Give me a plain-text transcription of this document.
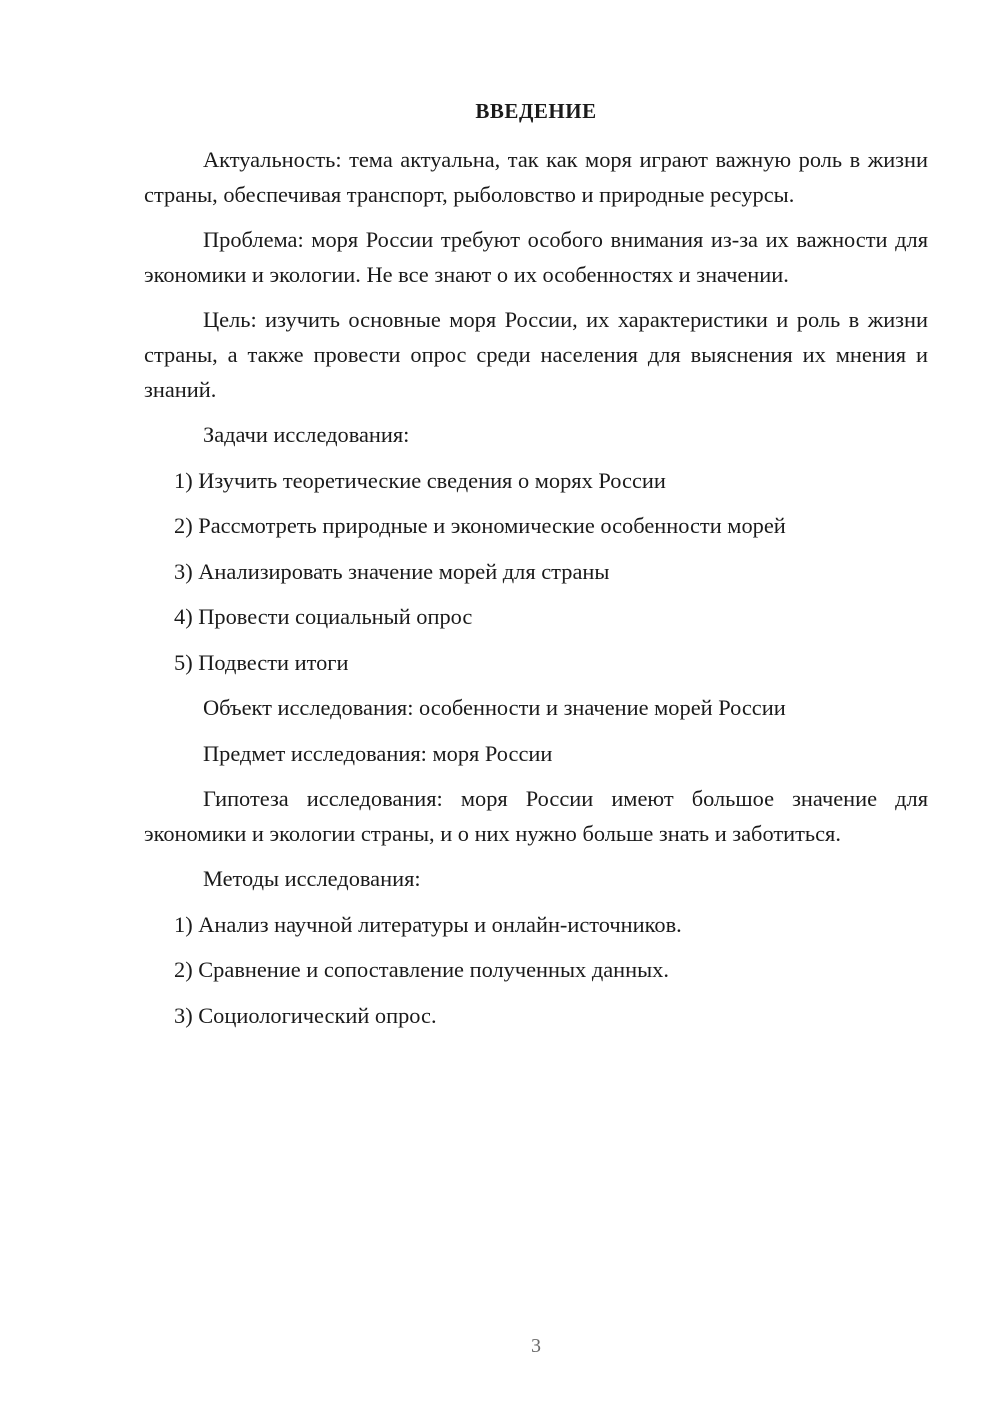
ВВЕДЕНИЕ

Актуальность: тема актуальна, так как моря играют важную роль в жизни страны, обеспечивая транспорт, рыболовство и природные ресурсы.

Проблема: моря России требуют особого внимания из-за их важности для экономики и экологии. Не все знают о их особенностях и значении.

Цель: изучить основные моря России, их характеристики и роль в жизни страны, а также провести опрос среди населения для выяснения их мнения и знаний.

Задачи исследования:

1) Изучить теоретические сведения о морях России

2) Рассмотреть природные и экономические особенности морей

3) Анализировать значение морей для страны

4) Провести социальный опрос

5) Подвести итоги

Объект исследования: особенности и значение морей России

Предмет исследования: моря России

Гипотеза исследования: моря России имеют большое значение для экономики и экологии страны, и о них нужно больше знать и заботиться.

Методы исследования:

1) Анализ научной литературы и онлайн-источников.

2) Сравнение и сопоставление полученных данных.

3) Социологический опрос.

3
